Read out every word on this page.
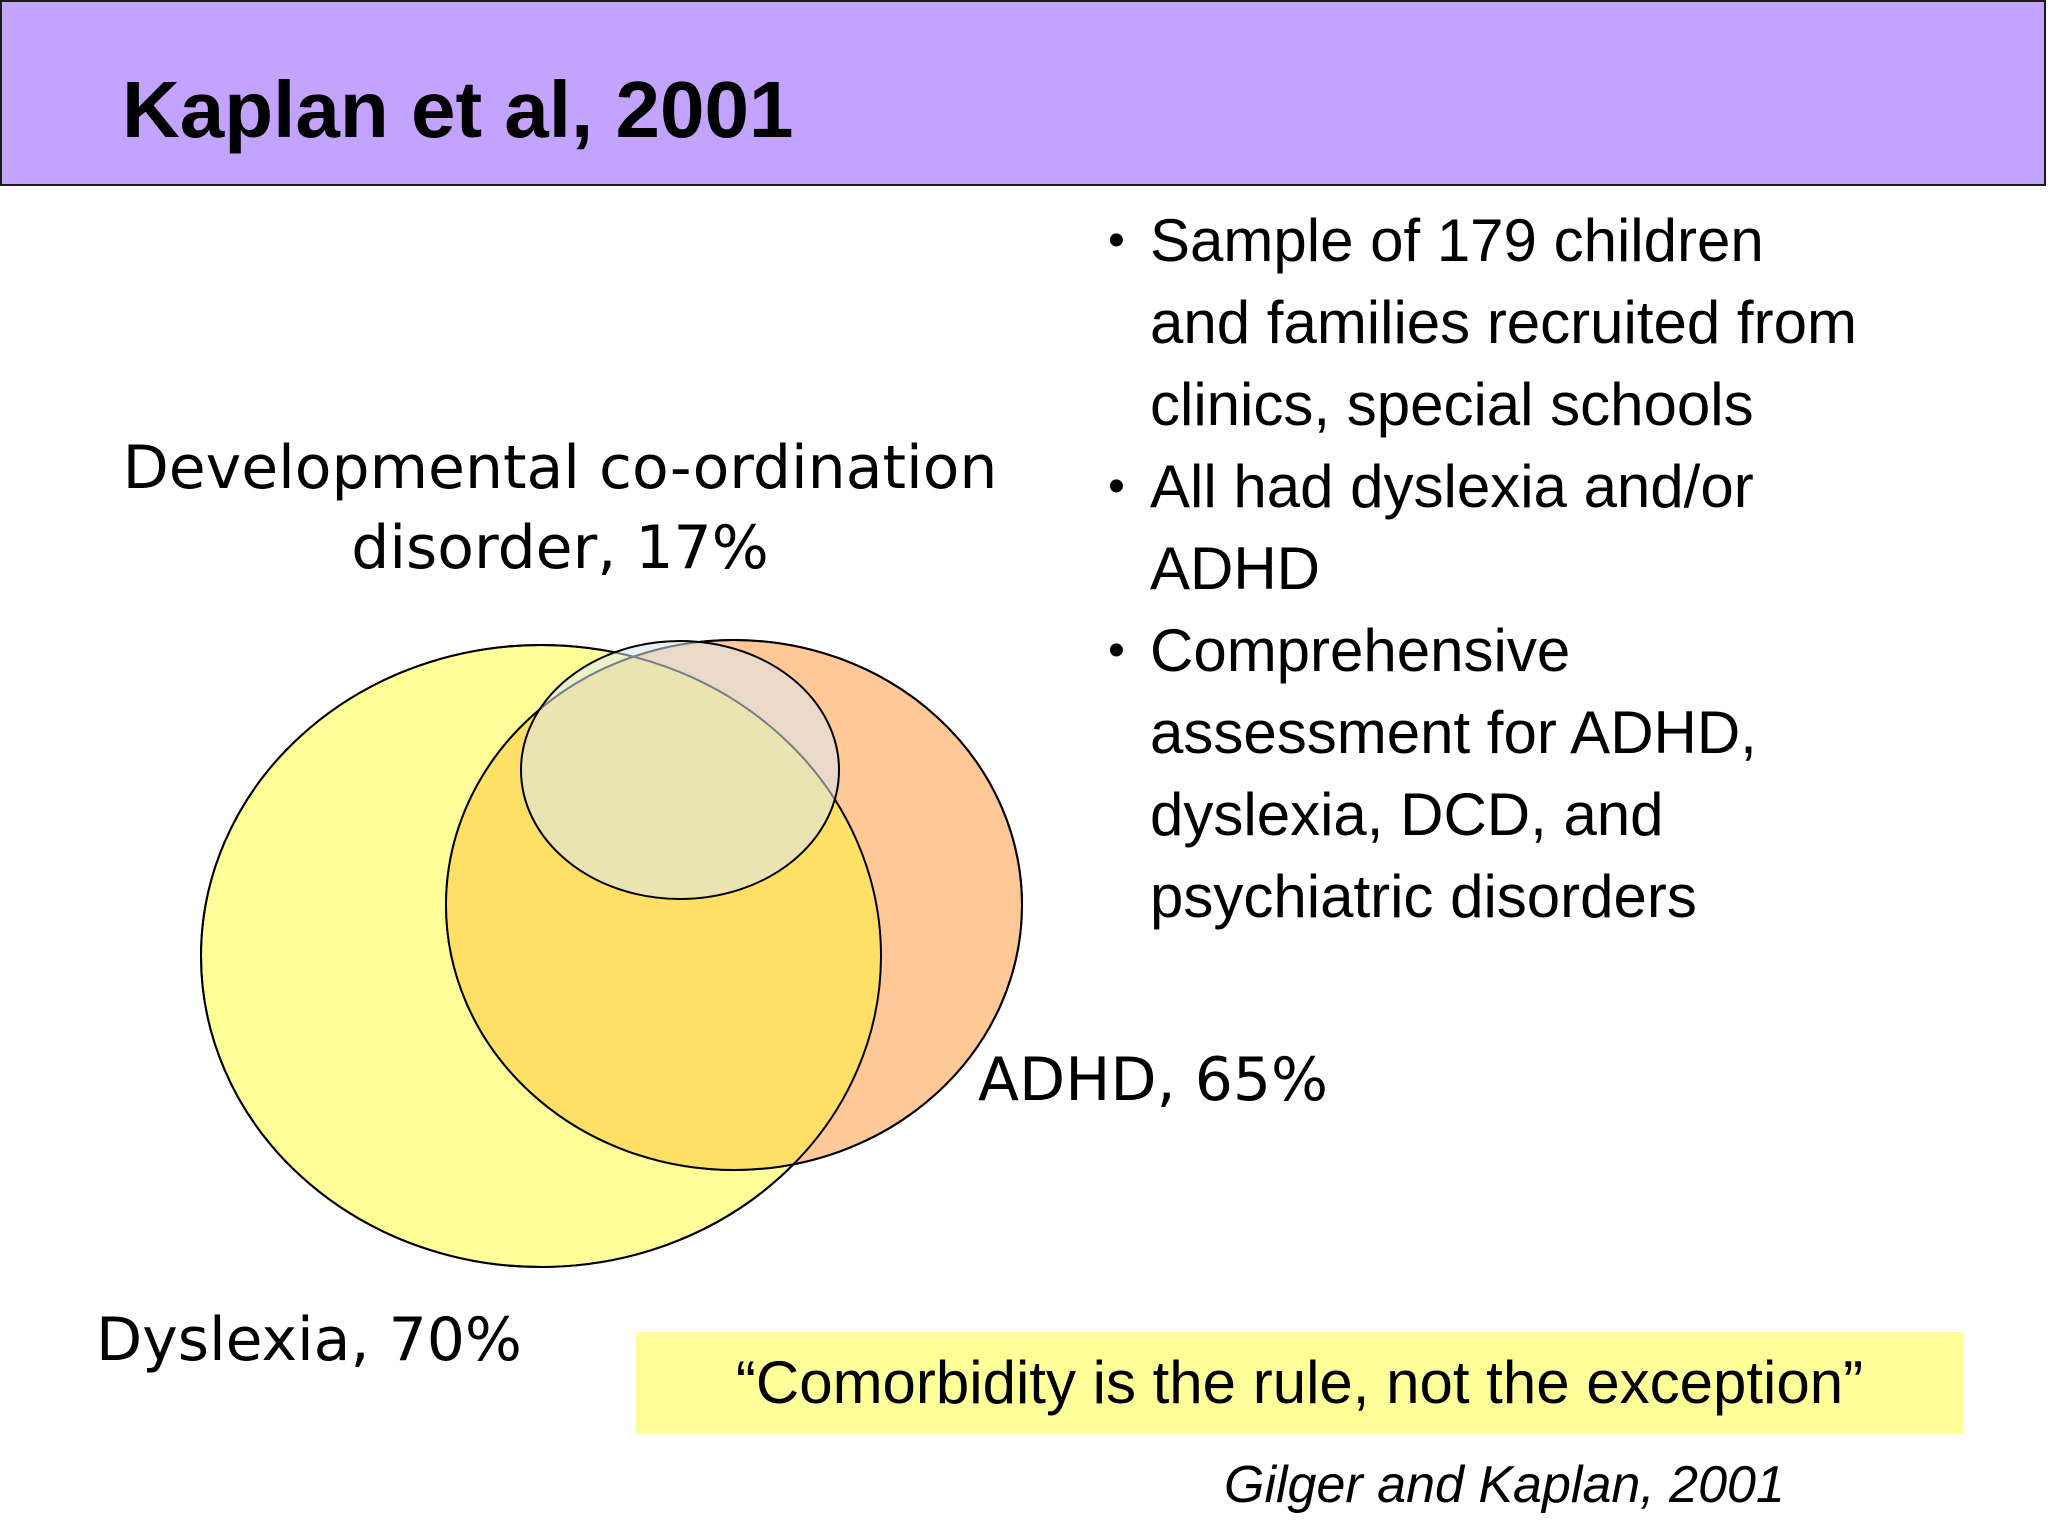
Kaplan et al, 2001
Developmental co-ordination
disorder, 17%
ADHD, 65%
Dyslexia, 70%
• Sample of 179 children
and families recruited from
clinics, special schools
• All had dyslexia and/or
ADHD
• Comprehensive
assessment for ADHD,
dyslexia, DCD, and
psychiatric disorders
“Comorbidity is the rule, not the exception”
Gilger and Kaplan, 2001
